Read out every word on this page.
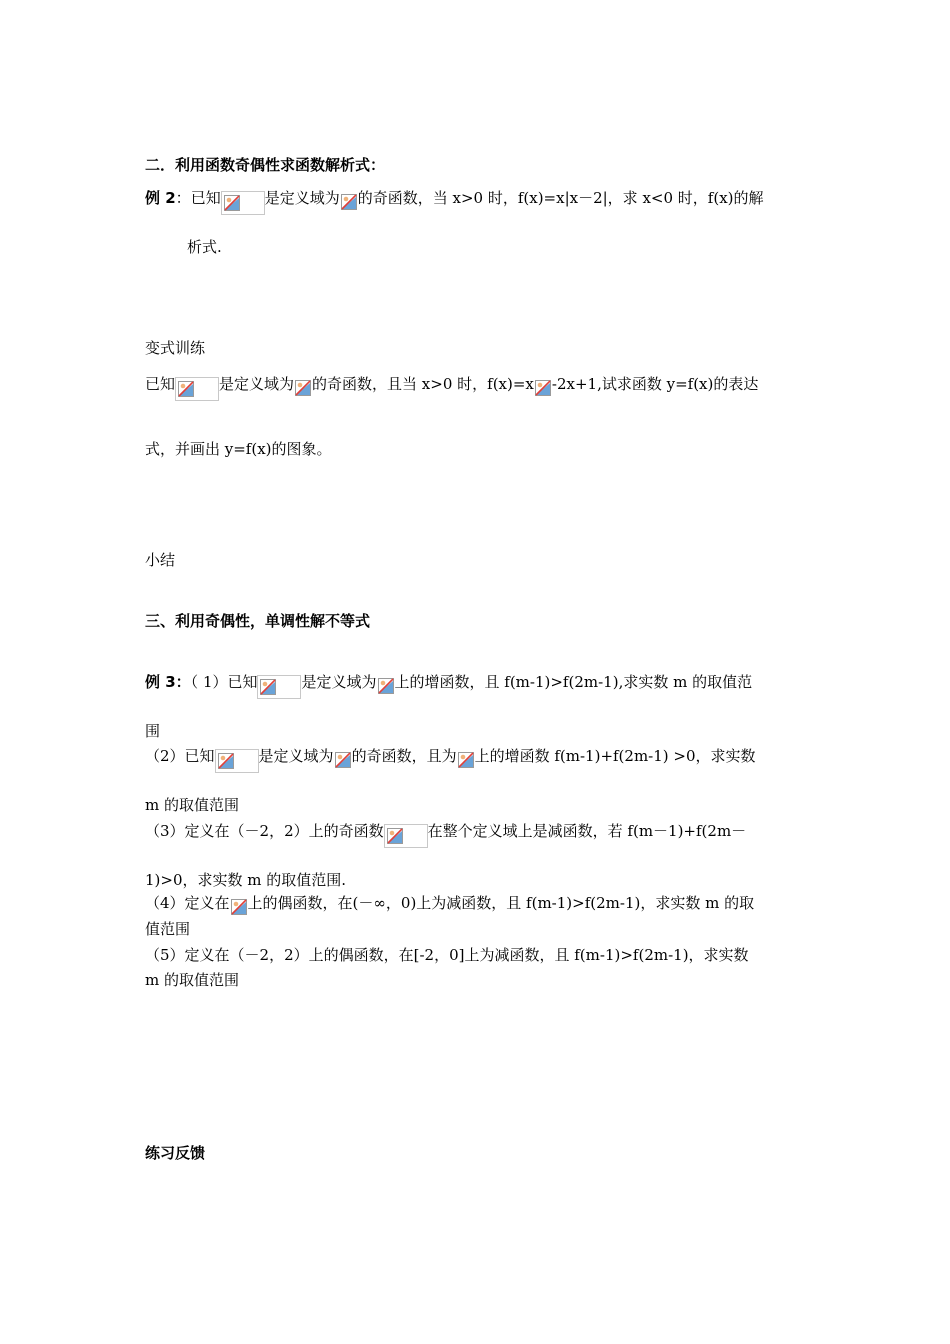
二．利用函数奇偶性求函数解析式：
例 2：已知	是定义域为 的奇函数，当 x>0 时，f(x)=x|x－2|，求 x<0 时，f(x)的解
析式.
变式训练
已知	是定义域为 的奇函数，且当 x>0 时，f(x)=x -2x+1,试求函数 y=f(x)的表达
式，并画出 y=f(x)的图象。
小结
三、利用奇偶性，单调性解不等式
例 3：（ 1）已知	是定义域为 上的增函数，且 f(m-1)>f(2m-1),求实数 m 的取值范
围
（2）已知	是定义域为 的奇函数，且为 上的增函数 f(m-1)+f(2m-1) >0，求实数
m 的取值范围
（3）定义在（－2，2）上的奇函数	在整个定义域上是减函数，若 f(m－1)+f(2m－
1)>0，求实数 m 的取值范围.
（4）定义在 上的偶函数，在(－∞，0)上为减函数，且 f(m-1)>f(2m-1)，求实数 m 的取
值范围
（5）定义在（－2，2）上的偶函数，在[-2，0]上为减函数，且 f(m-1)>f(2m-1)，求实数
m 的取值范围
练习反馈
